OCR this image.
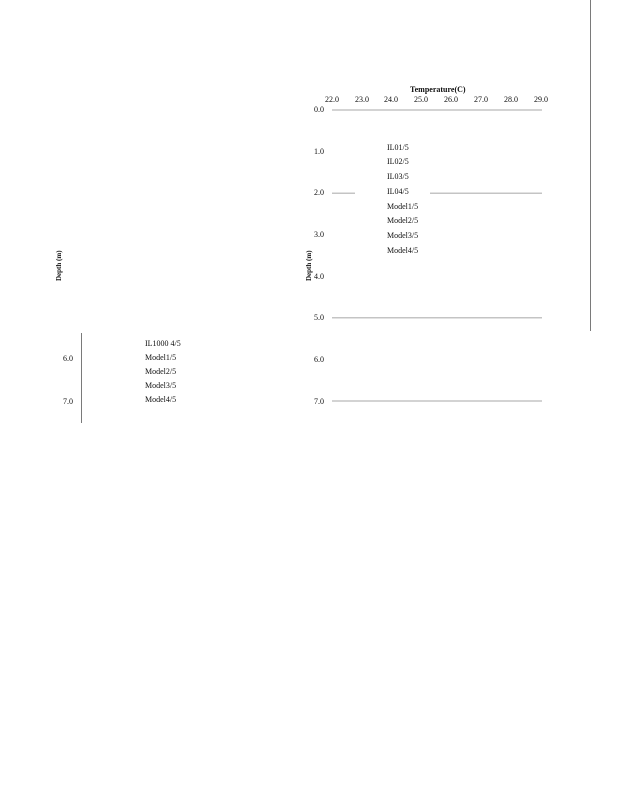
Depth (m)
6.0
7.0
IL1000 4/5
Model1/5
Model2/5
Model3/5
Model4/5
Temperature(C)
Depth (m)
22.0 23.0 24.0 25.0 26.0 27.0 28.0 29.0
0.0
1.0
2.0
3.0
4.0
5.0
6.0
7.0
IL01/5
IL02/5
IL03/5
IL04/5
Model1/5
Model2/5
Model3/5
Model4/5
